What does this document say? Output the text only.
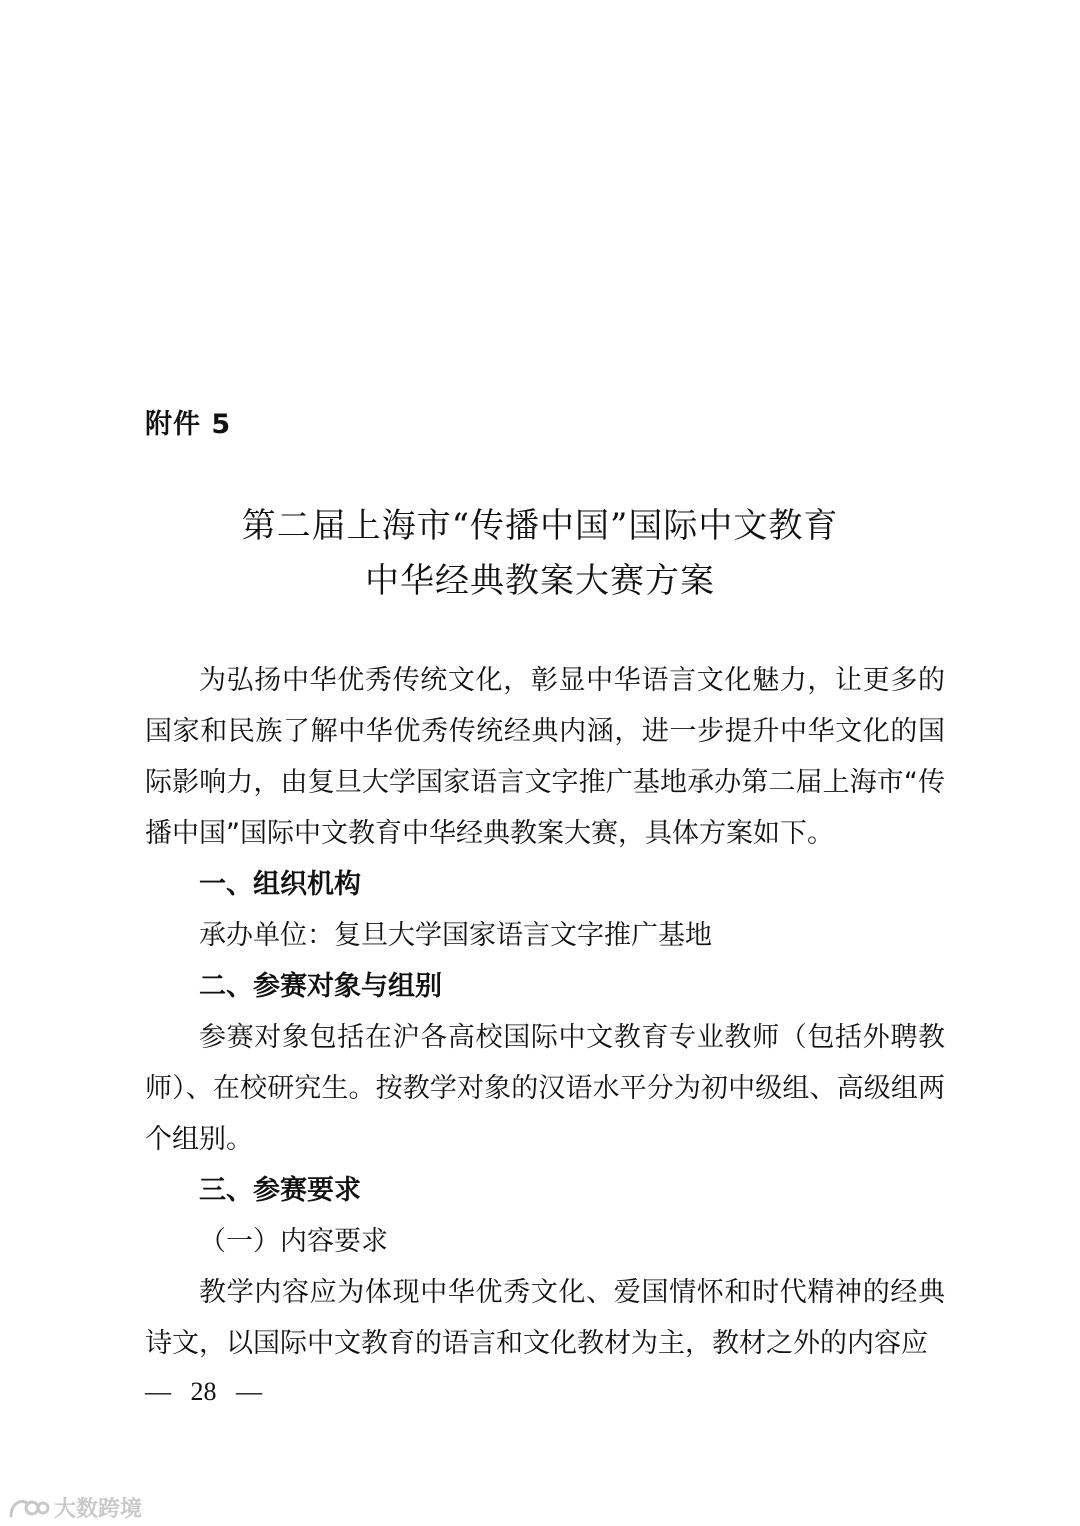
附件 5
第二届上海市“传播中国”国际中文教育
中华经典教案大赛方案

为弘扬中华优秀传统文化，彰显中华语言文化魅力，让更多的国家和民族了解中华优秀传统经典内涵，进一步提升中华文化的国际影响力，由复旦大学国家语言文字推广基地承办第二届上海市“传播中国”国际中文教育中华经典教案大赛，具体方案如下。

一、组织机构

承办单位：复旦大学国家语言文字推广基地

二、参赛对象与组别

参赛对象包括在沪各高校国际中文教育专业教师（包括外聘教师）、在校研究生。按教学对象的汉语水平分为初中级组、高级组两个组别。

三、参赛要求

（一）内容要求

教学内容应为体现中华优秀文化、爱国情怀和时代精神的经典诗文，以国际中文教育的语言和文化教材为主，教材之外的内容应

—   28   —
大数跨境
